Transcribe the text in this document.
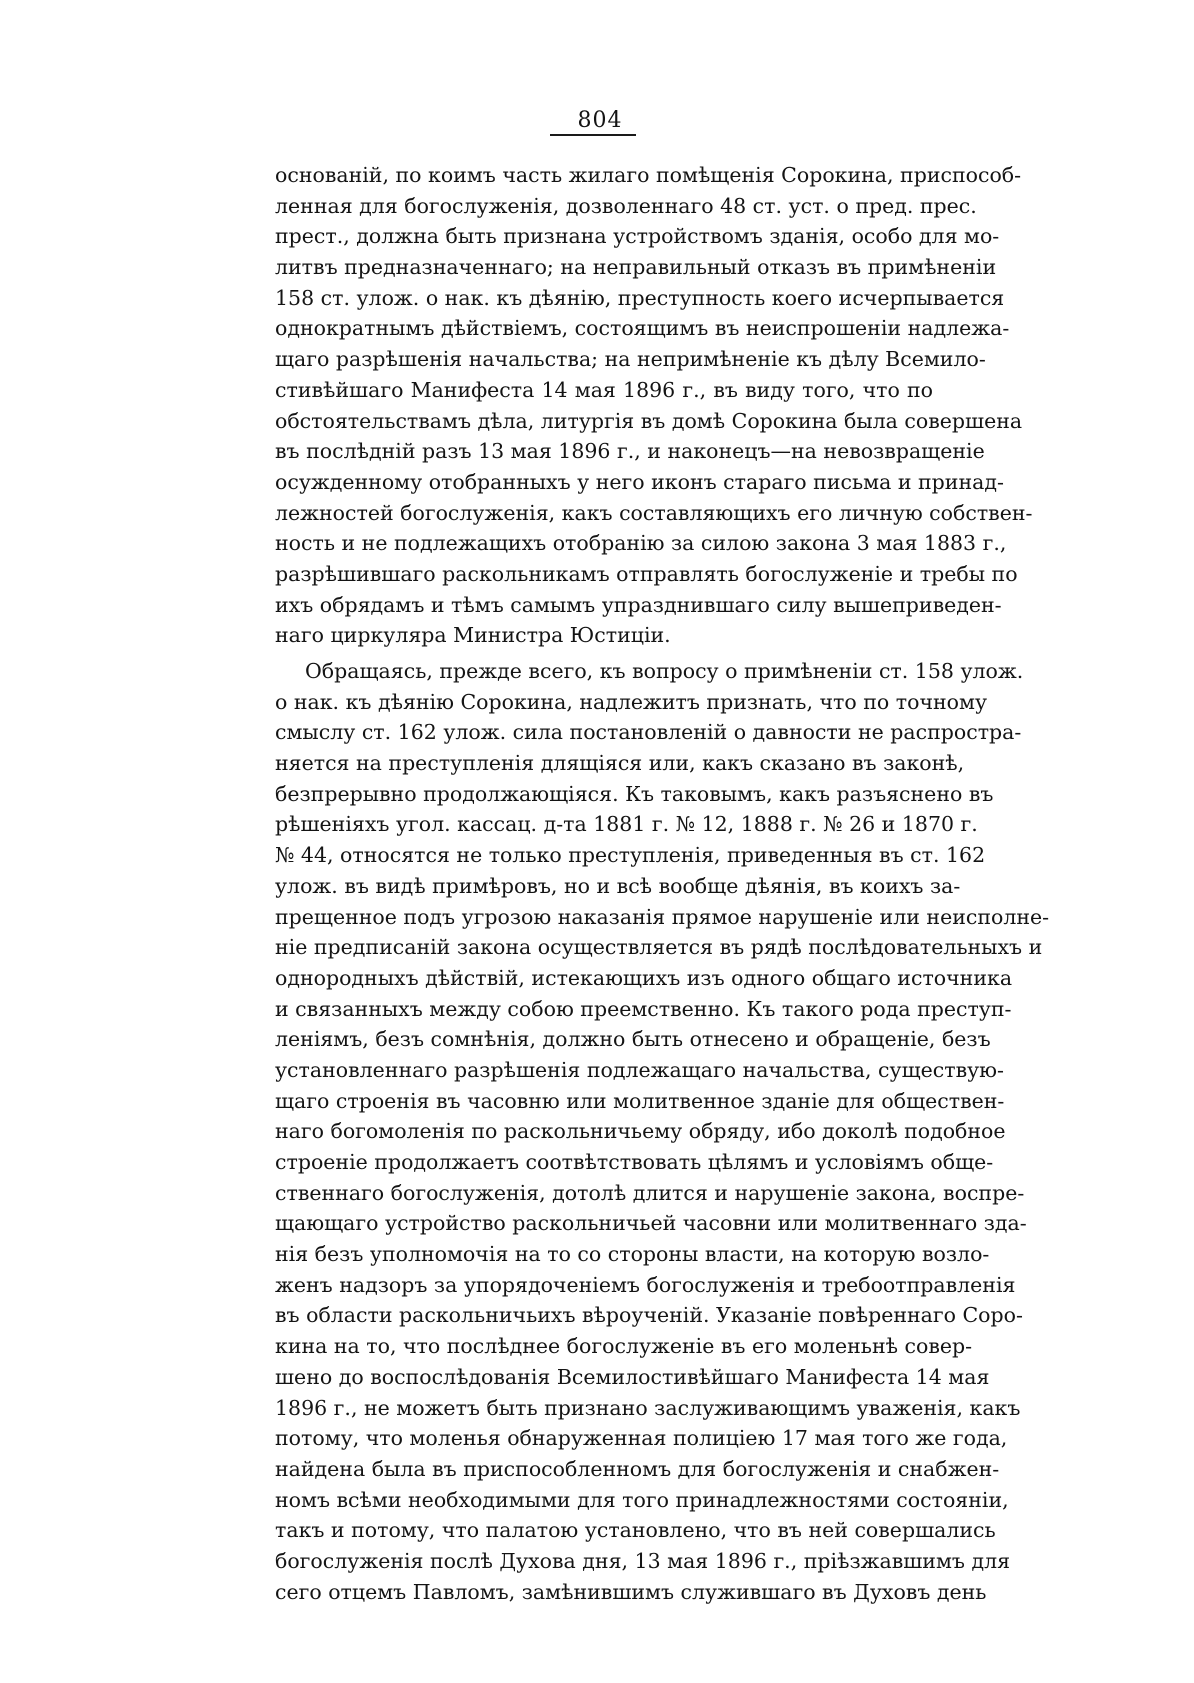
804
основаній, по коимъ часть жилаго помѣщенія Сорокина, приспособ-
ленная для богослуженія, дозволеннаго 48 ст. уст. о пред. прес.
прест., должна быть признана устройствомъ зданія, особо для мо-
литвъ предназначеннаго; на неправильный отказъ въ примѣненіи
158 ст. улож. о нак. къ дѣянію, преступность коего исчерпывается
однократнымъ дѣйствіемъ, состоящимъ въ неиспрошеніи надлежа-
щаго разрѣшенія начальства; на непримѣненіе къ дѣлу Всемило-
стивѣйшаго Манифеста 14 мая 1896 г., въ виду того, что по
обстоятельствамъ дѣла, литургія въ домѣ Сорокина была совершена
въ послѣдній разъ 13 мая 1896 г., и наконецъ—на невозвращеніе
осужденному отобранныхъ у него иконъ стараго письма и принад-
лежностей богослуженія, какъ составляющихъ его личную собствен-
ность и не подлежащихъ отобранію за силою закона 3 мая 1883 г.,
разрѣшившаго раскольникамъ отправлять богослуженіе и требы по
ихъ обрядамъ и тѣмъ самымъ упразднившаго силу вышеприведен-
наго циркуляра Министра Юстиціи.
Обращаясь, прежде всего, къ вопросу о примѣненіи ст. 158 улож.
о нак. къ дѣянію Сорокина, надлежитъ признать, что по точному
смыслу ст. 162 улож. сила постановленій о давности не распростра-
няется на преступленія длящіяся или, какъ сказано въ законѣ,
безпрерывно продолжающіяся. Къ таковымъ, какъ разъяснено въ
рѣшеніяхъ угол. кассац. д-та 1881 г. № 12, 1888 г. № 26 и 1870 г.
№ 44, относятся не только преступленія, приведенныя въ ст. 162
улож. въ видѣ примѣровъ, но и всѣ вообще дѣянія, въ коихъ за-
прещенное подъ угрозою наказанія прямое нарушеніе или неисполне-
ніе предписаній закона осуществляется въ рядѣ послѣдовательныхъ и
однородныхъ дѣйствій, истекающихъ изъ одного общаго источника
и связанныхъ между собою преемственно. Къ такого рода преступ-
леніямъ, безъ сомнѣнія, должно быть отнесено и обращеніе, безъ
установленнаго разрѣшенія подлежащаго начальства, существую-
щаго строенія въ часовню или молитвенное зданіе для обществен-
наго богомоленія по раскольничьему обряду, ибо доколѣ подобное
строеніе продолжаетъ соотвѣтствовать цѣлямъ и условіямъ обще-
ственнаго богослуженія, дотолѣ длится и нарушеніе закона, воспре-
щающаго устройство раскольничьей часовни или молитвеннаго зда-
нія безъ уполномочія на то со стороны власти, на которую возло-
женъ надзоръ за упорядоченіемъ богослуженія и требоотправленія
въ области раскольничьихъ вѣроученій. Указаніе повѣреннаго Соро-
кина на то, что послѣднее богослуженіе въ его моленьнѣ совер-
шено до воспослѣдованія Всемилостивѣйшаго Манифеста 14 мая
1896 г., не можетъ быть признано заслуживающимъ уваженія, какъ
потому, что моленья обнаруженная полиціею 17 мая того же года,
найдена была въ приспособленномъ для богослуженія и снабжен-
номъ всѣми необходимыми для того принадлежностями состояніи,
такъ и потому, что палатою установлено, что въ ней совершались
богослуженія послѣ Духова дня, 13 мая 1896 г., пріѣзжавшимъ для
сего отцемъ Павломъ, замѣнившимъ служившаго въ Духовъ день
